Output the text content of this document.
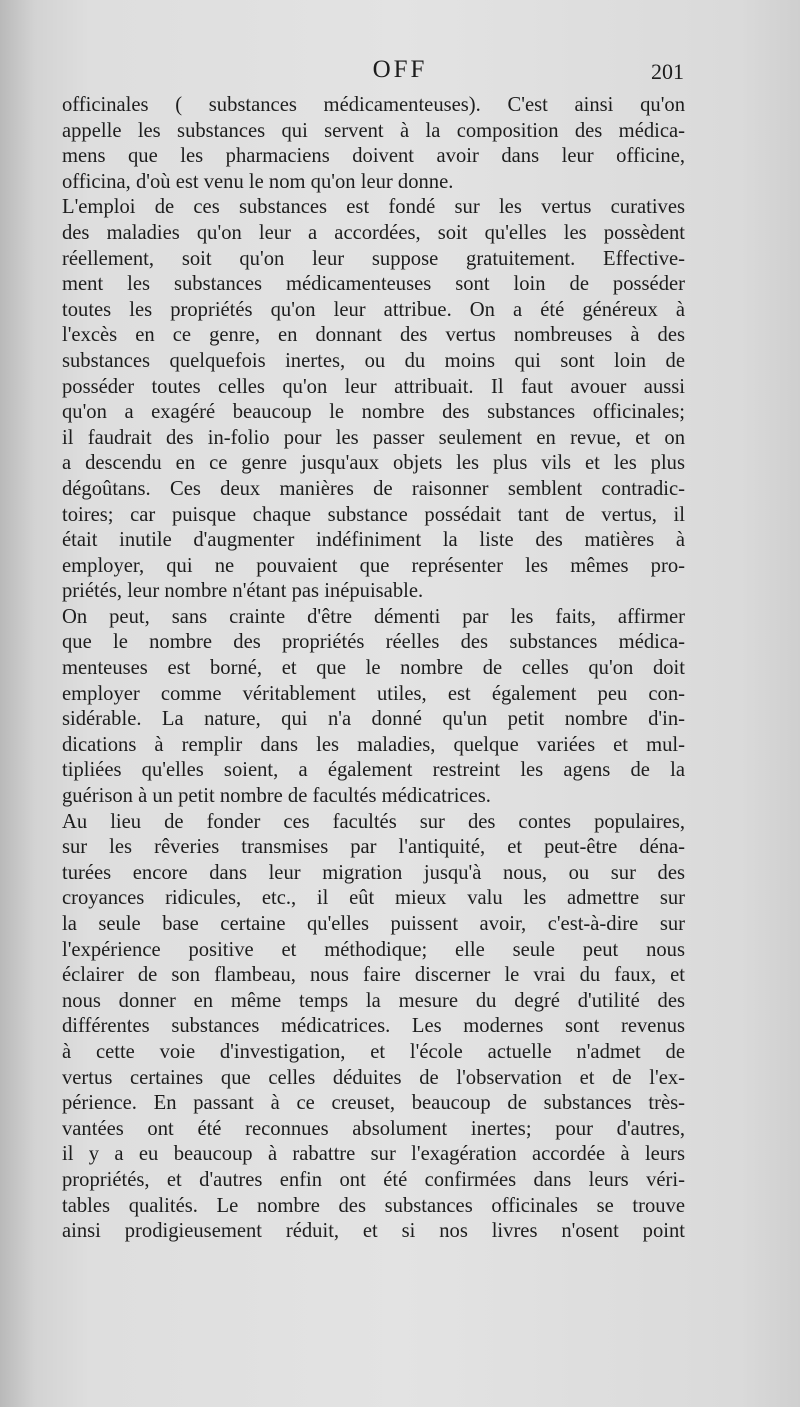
OFF	201
officinales ( substances médicamenteuses). C'est ainsi qu'on
appelle les substances qui servent à la composition des médica-
mens que les pharmaciens doivent avoir dans leur officine,
officina, d'où est venu le nom qu'on leur donne.
L'emploi de ces substances est fondé sur les vertus curatives
des maladies qu'on leur a accordées, soit qu'elles les possèdent
réellement, soit qu'on leur suppose gratuitement. Effective-
ment les substances médicamenteuses sont loin de posséder
toutes les propriétés qu'on leur attribue. On a été généreux à
l'excès en ce genre, en donnant des vertus nombreuses à des
substances quelquefois inertes, ou du moins qui sont loin de
posséder toutes celles qu'on leur attribuait. Il faut avouer aussi
qu'on a exagéré beaucoup le nombre des substances officinales;
il faudrait des in-folio pour les passer seulement en revue, et on
a descendu en ce genre jusqu'aux objets les plus vils et les plus
dégoûtans. Ces deux manières de raisonner semblent contradic-
toires; car puisque chaque substance possédait tant de vertus, il
était inutile d'augmenter indéfiniment la liste des matières à
employer, qui ne pouvaient que représenter les mêmes pro-
priétés, leur nombre n'étant pas inépuisable.
On peut, sans crainte d'être démenti par les faits, affirmer
que le nombre des propriétés réelles des substances médica-
menteuses est borné, et que le nombre de celles qu'on doit
employer comme véritablement utiles, est également peu con-
sidérable. La nature, qui n'a donné qu'un petit nombre d'in-
dications à remplir dans les maladies, quelque variées et mul-
tipliées qu'elles soient, a également restreint les agens de la
guérison à un petit nombre de facultés médicatrices.
Au lieu de fonder ces facultés sur des contes populaires,
sur les rêveries transmises par l'antiquité, et peut-être déna-
turées encore dans leur migration jusqu'à nous, ou sur des
croyances ridicules, etc., il eût mieux valu les admettre sur
la seule base certaine qu'elles puissent avoir, c'est-à-dire sur
l'expérience positive et méthodique; elle seule peut nous
éclairer de son flambeau, nous faire discerner le vrai du faux, et
nous donner en même temps la mesure du degré d'utilité des
différentes substances médicatrices. Les modernes sont revenus
à cette voie d'investigation, et l'école actuelle n'admet de
vertus certaines que celles déduites de l'observation et de l'ex-
périence. En passant à ce creuset, beaucoup de substances très-
vantées ont été reconnues absolument inertes; pour d'autres,
il y a eu beaucoup à rabattre sur l'exagération accordée à leurs
propriétés, et d'autres enfin ont été confirmées dans leurs véri-
tables qualités. Le nombre des substances officinales se trouve
ainsi prodigieusement réduit, et si nos livres n'osent point
